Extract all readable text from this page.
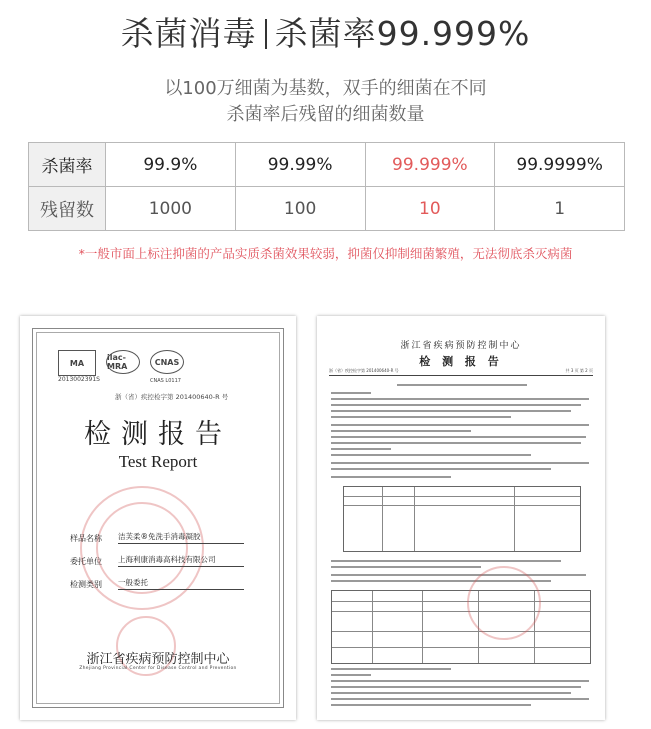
杀菌消毒 杀菌率99.999%
以100万细菌为基数，双手的细菌在不同
杀菌率后残留的细菌数量
杀菌率	99.9%	99.99%	99.999%	99.9999%
残留数	1000	100	10	1
*一般市面上标注抑菌的产品实质杀菌效果较弱，抑菌仅抑制细菌繁殖，无法彻底杀灭病菌
MA
ilac-MRA	CNAS
2013002391S	CNAS L0117
浙（省）疾控检字第 201400640-R 号
检测报告
Test Report
样品名称	洁芙柔®免洗手消毒凝胶
委托单位	上海利康消毒高科技有限公司
检测类别	一般委托
浙江省疾病预防控制中心
Zhejiang Provincial Center for Disease Control and Prevention
浙江省疾病预防控制中心
检 测 报 告
浙（省）疾控检字第 201400640-R 号	共 3 页 第 2 页
